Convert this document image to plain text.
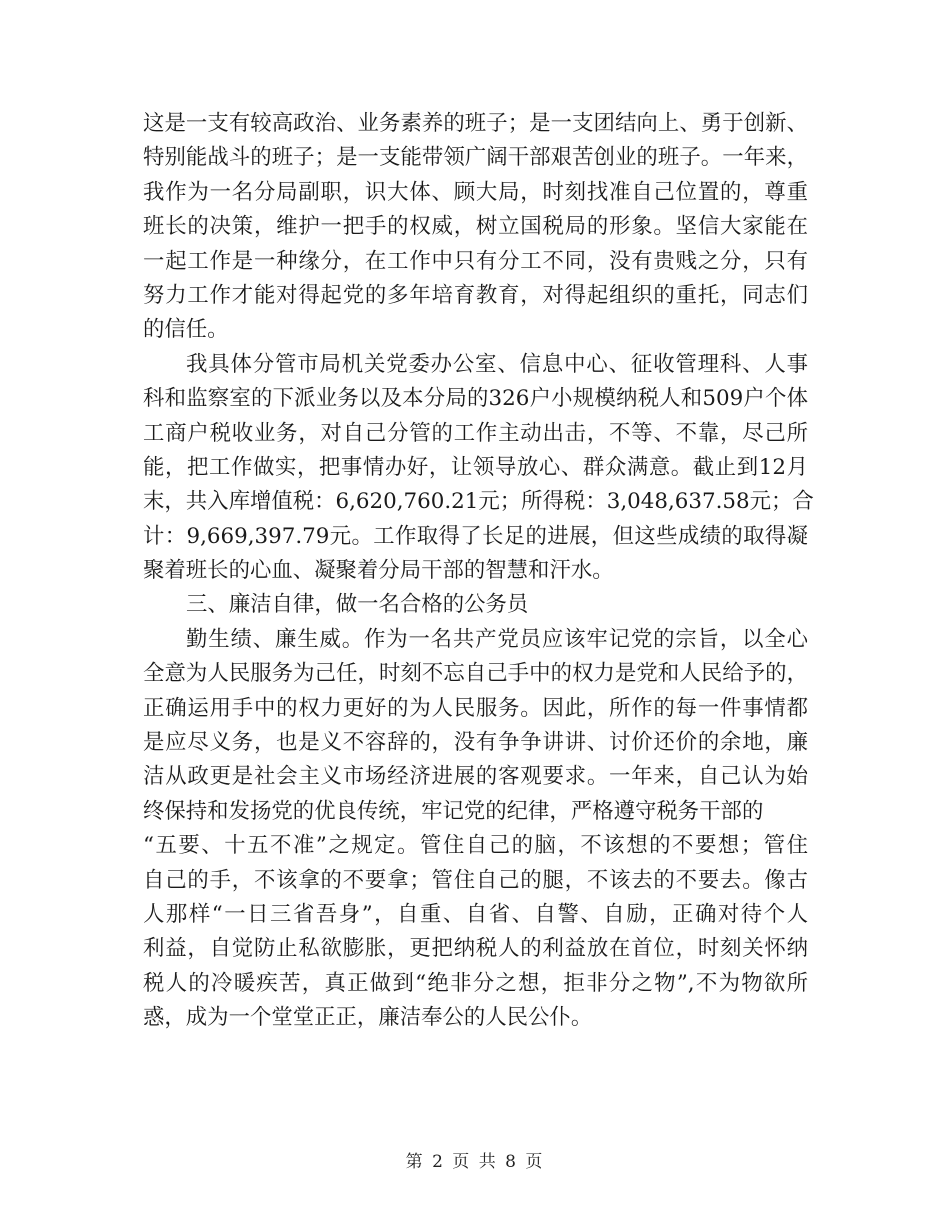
这是一支有较高政治、业务素养的班子；是一支团结向上、勇于创新、
特别能战斗的班子；是一支能带领广阔干部艰苦创业的班子。一年来，
我作为一名分局副职，识大体、顾大局，时刻找准自己位置的，尊重
班长的决策，维护一把手的权威，树立国税局的形象。坚信大家能在
一起工作是一种缘分，在工作中只有分工不同，没有贵贱之分，只有
努力工作才能对得起党的多年培育教育，对得起组织的重托，同志们
的信任。
我具体分管市局机关党委办公室、信息中心、征收管理科、人事
科和监察室的下派业务以及本分局的326户小规模纳税人和509户个体
工商户税收业务，对自己分管的工作主动出击，不等、不靠，尽己所
能，把工作做实，把事情办好，让领导放心、群众满意。截止到12月
末，共入库增值税：6,620,760.21元；所得税：3,048,637.58元；合
计：9,669,397.79元。工作取得了长足的进展，但这些成绩的取得凝
聚着班长的心血、凝聚着分局干部的智慧和汗水。
三、廉洁自律，做一名合格的公务员
勤生绩、廉生威。作为一名共产党员应该牢记党的宗旨，以全心
全意为人民服务为己任，时刻不忘自己手中的权力是党和人民给予的，
正确运用手中的权力更好的为人民服务。因此，所作的每一件事情都
是应尽义务，也是义不容辞的，没有争争讲讲、讨价还价的余地，廉
洁从政更是社会主义市场经济进展的客观要求。一年来，自己认为始
终保持和发扬党的优良传统，牢记党的纪律，严格遵守税务干部的
“五要、十五不准”之规定。管住自己的脑，不该想的不要想；管住
自己的手，不该拿的不要拿；管住自己的腿，不该去的不要去。像古
人那样“一日三省吾身”，自重、自省、自警、自励，正确对待个人
利益，自觉防止私欲膨胀，更把纳税人的利益放在首位，时刻关怀纳
税人的冷暖疾苦，真正做到“绝非分之想，拒非分之物”,不为物欲所
惑，成为一个堂堂正正，廉洁奉公的人民公仆。
第 2 页 共 8 页
